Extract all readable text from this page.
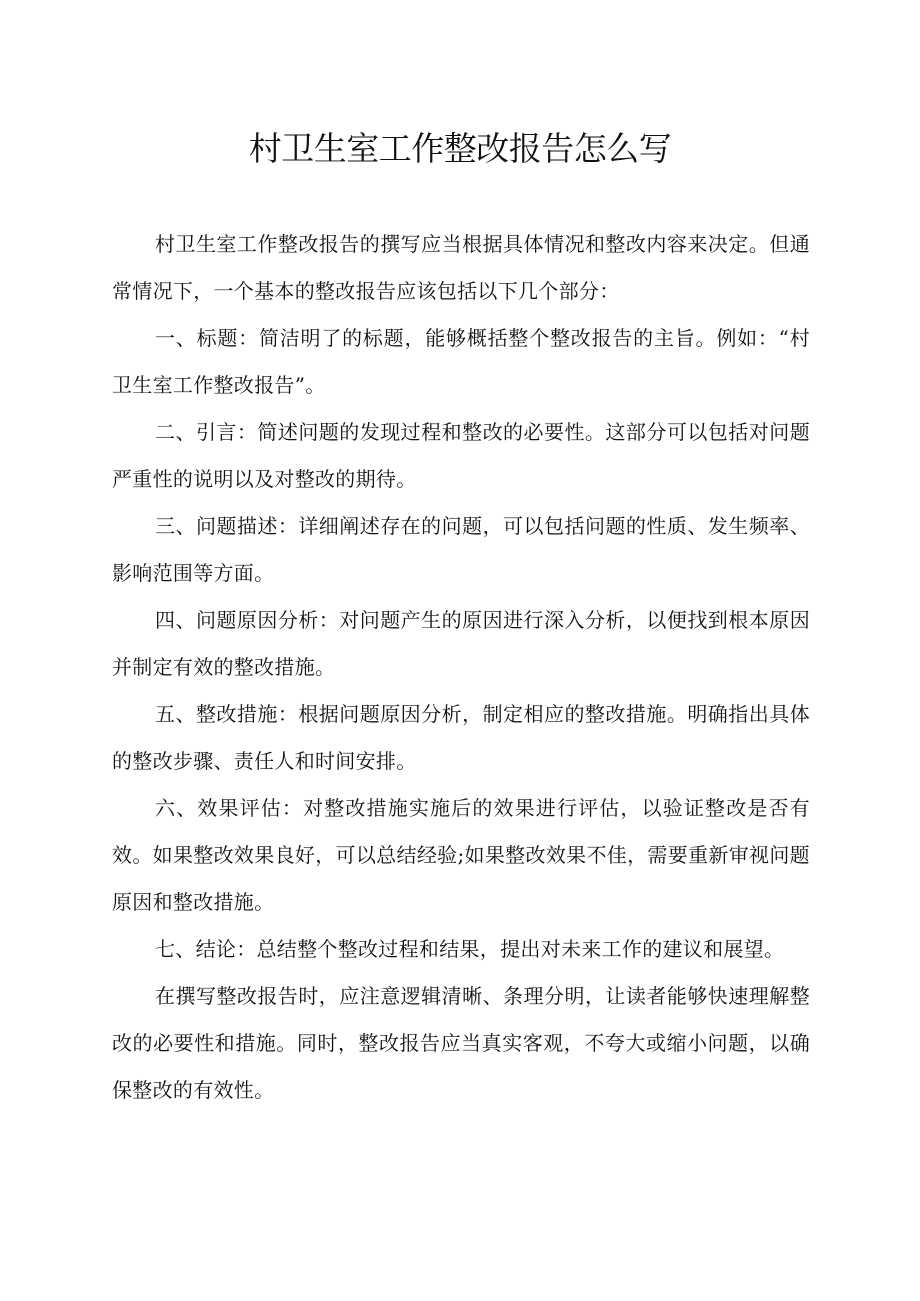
村卫生室工作整改报告怎么写

村卫生室工作整改报告的撰写应当根据具体情况和整改内容来决定。但通常情况下，一个基本的整改报告应该包括以下几个部分：

一、标题：简洁明了的标题，能够概括整个整改报告的主旨。例如：“村卫生室工作整改报告”。

二、引言：简述问题的发现过程和整改的必要性。这部分可以包括对问题严重性的说明以及对整改的期待。

三、问题描述：详细阐述存在的问题，可以包括问题的性质、发生频率、影响范围等方面。

四、问题原因分析：对问题产生的原因进行深入分析，以便找到根本原因并制定有效的整改措施。

五、整改措施：根据问题原因分析，制定相应的整改措施。明确指出具体的整改步骤、责任人和时间安排。

六、效果评估：对整改措施实施后的效果进行评估，以验证整改是否有效。如果整改效果良好，可以总结经验;如果整改效果不佳，需要重新审视问题原因和整改措施。

七、结论：总结整个整改过程和结果，提出对未来工作的建议和展望。

在撰写整改报告时，应注意逻辑清晰、条理分明，让读者能够快速理解整改的必要性和措施。同时，整改报告应当真实客观，不夸大或缩小问题，以确保整改的有效性。
